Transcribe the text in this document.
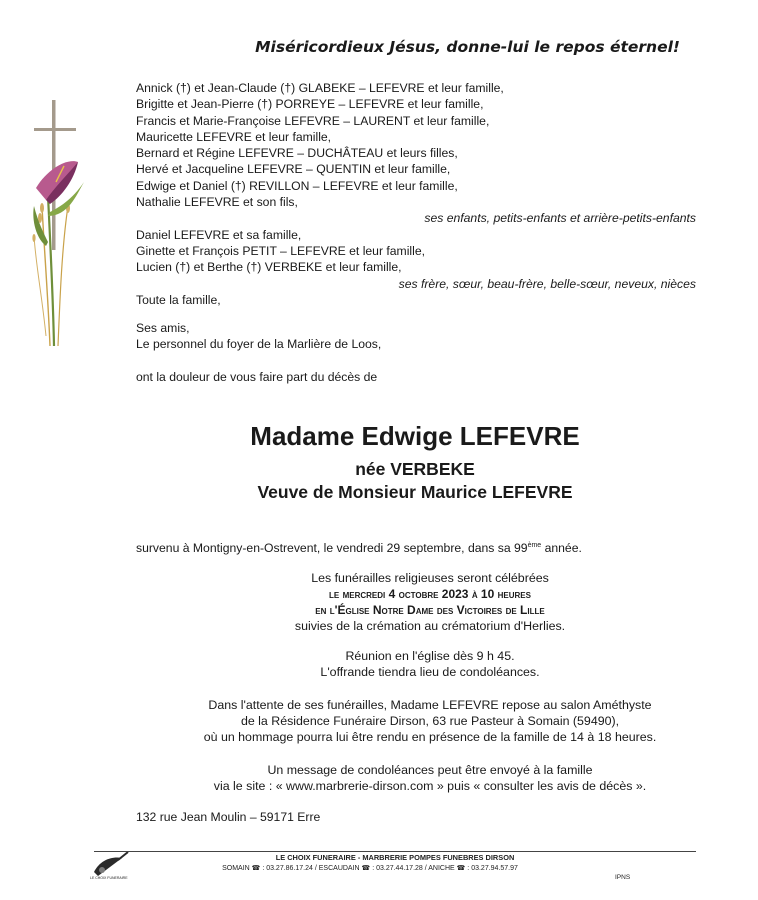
Miséricordieux Jésus, donne-lui le repos éternel!
Annick (†) et Jean-Claude (†) GLABEKE – LEFEVRE et leur famille,
Brigitte et Jean-Pierre (†) PORREYE – LEFEVRE et leur famille,
Francis et Marie-Françoise LEFEVRE – LAURENT et leur famille,
Mauricette LEFEVRE et leur famille,
Bernard et Régine LEFEVRE – DUCHÂTEAU et leurs filles,
Hervé et Jacqueline LEFEVRE – QUENTIN et leur famille,
Edwige et Daniel (†) REVILLON – LEFEVRE et leur famille,
Nathalie LEFEVRE et son fils,
ses enfants, petits-enfants et arrière-petits-enfants
Daniel LEFEVRE et sa famille,
Ginette et François PETIT – LEFEVRE et leur famille,
Lucien (†) et Berthe (†) VERBEKE et leur famille,
ses frère, sœur, beau-frère, belle-sœur, neveux, nièces
Toute la famille,
Ses amis,
Le personnel du foyer de la Marlière de Loos,
ont la douleur de vous faire part du décès de
Madame Edwige LEFEVRE
née VERBEKE
Veuve de Monsieur Maurice LEFEVRE
survenu à Montigny-en-Ostrevent, le vendredi 29 septembre, dans sa 99ème année.
Les funérailles religieuses seront célébrées
le mercredi 4 octobre 2023 à 10 heures
en l'Église Notre Dame des Victoires de Lille
suivies de la crémation au crématorium d'Herlies.
Réunion en l'église dès 9 h 45.
L'offrande tiendra lieu de condoléances.
Dans l'attente de ses funérailles, Madame LEFEVRE repose au salon Améthyste
de la Résidence Funéraire Dirson, 63 rue Pasteur à Somain (59490),
où un hommage pourra lui être rendu en présence de la famille de 14 à 18 heures.
Un message de condoléances peut être envoyé à la famille
via le site : « www.marbrerie-dirson.com » puis « consulter les avis de décès ».
132 rue Jean Moulin – 59171 Erre
LE CHOIX FUNERAIRE
LE CHOIX FUNERAIRE - MARBRERIE POMPES FUNEBRES DIRSON
SOMAIN ☎ : 03.27.86.17.24 / ESCAUDAIN ☎ : 03.27.44.17.28 / ANICHE ☎ : 03.27.94.57.97
IPNS
